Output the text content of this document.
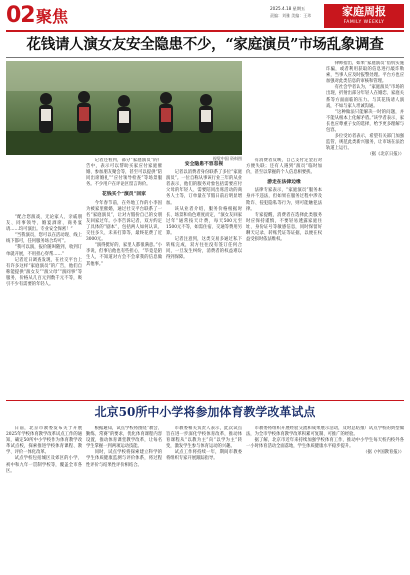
02 聚焦	2025.4.18 星期五
责编：刘雅 美编：王玮	家庭周报
FAMILY WEEKLY
花钱请人演女友安全隐患不少，“家庭演员”市场乱象调查

“配合您演戏，无论家人、亲戚朋友、同事领导、婚宴酒席、商务宴请……均可演出。专业安全保密！”

“当我演员，您可以在活动现、线上线下都可，任何服务场合均可”。

“我可以演，报价随叫随到，收到订单就开展，不用担心穿帮……”

记者近日调查发现，在社交平台上有许多这样“家庭演员”的广告，他们自称能提供“演女友”“演父母”“演同事”等服务，价格从几百元到数千元不等，吸引不少有需要的年轻人。

记者还看到，部分“家庭演员”的广告中，表示可以帮助买家应付家庭催婚、参加朋友聚会等，甚至可以提供“陪同出席婚礼”“应付领导检查”等场景服务。不少用户在评论区留言询价。

花钱买个“演员”回家

今年春节前，在外地工作的小李因为被家里催婚，通过社交平台联系了一名“家庭演员”，让对方假扮自己的女朋友回家过年。小李告诉记者，双方约定了具体的“剧本”，包括两人如何认识、交往多久、未来打算等，最终花费了近3000元。

“演得挺好的，家里人都很满意。”小李说，但事后他也有些担心，“毕竟是陌生人，不知道对方会不会拿我的信息做其他事。”

安全隐患不容忽视

记者以消费者身份联系了多位“家庭演员”。一位自称从事该行业三年的从业者表示，他们的服务对象包括需要应付父母的年轻人、需要陪同出席活动的商务人士等，订单量在节假日前后明显增加。

该从业者介绍，服务价格根据时长、场景和角色难度而定，“演女友回家过年”通常按天计费，每天500元至1500元不等，如需住宿、交通等费用另算。

记者注意到，这类交易多通过私下转账完成，双方往往没有签订任何合同，一旦发生纠纷，消费者的权益难以得到保障。

有消费者反映，自己支付定金后对方便失联；还有人遇到“演员”临时加价，甚至以掌握的个人信息相要挟。

游走在法律边缘

法律专家表示，“家庭演员”服务本身并不违法，但如果在服务过程中涉及欺诈、侵犯隐私等行为，则可能触犯法律。

专家提醒，消费者在选择此类服务时应保持谨慎，不要轻易透露家庭住址、身份证号等敏感信息，同时保留好聊天记录、转账凭证等证据，以便在权益受损时依法维权。

律师指出，如果“家庭演员”借机实施诈骗，或者利用获取的信息进行敲诈勒索，当事人应及时报警处理。平台方也应加强对此类信息的审核和管理。

有社会学者认为，“家庭演员”市场的出现，折射出部分年轻人在婚恋、家庭关系等方面面临的压力。与其花钱请人演戏，不如与家人坦诚沟通。

“这种做法只能解决一时的问题，并不能从根本上化解矛盾。”该学者表示，家长也应尊重子女的选择，给予更多理解与包容。

多位受访者表示，希望有关部门加强监管，规范此类新兴服务，让市场在法治轨道上运行。

（据《北京日报》）

视觉中国 资料图
北京50所中小学将参加体育教学改革试点

日前，北京市教委发布关于开展2025年学校体育教学改革试点工作的通知，确定50所中小学校作为体育教学改革试点校，探索推进学校体育课程、教学、评价一体化改革。

试点学校包括城区及郊区的小学、初中和九年一贯制学校等，覆盖全市各区。

根据通知，试点学校将围绕“教会、勤练、常赛”的要求，优化体育课程内容设置，推动体育课堂教学改革，让每名学生掌握一到两项运动技能。

同时，试点学校将探索建立科学的学生体质健康监测与评价体系，将过程性评价与结果性评价相结合。

市教委相关负责人表示，此次试点旨在进一步深化学校体育改革，推动体育课程从“以教为主”向“以学为主”转变，激发学生参与体育运动的兴趣。

试点工作将持续一年，期间市教委将组织专家开展跟踪指导。

市教委将组织开展经验交流和成果展示活动，及时总结推广试点学校的典型做法，为全市学校体育教学改革积累可复制、可推广的经验。

据了解，北京市近年来持续加强学校体育工作，推动中小学生每天校内校外各一小时体育活动全面落地，学生体质健康水平稳步提升。

（据《中国教育报》）
